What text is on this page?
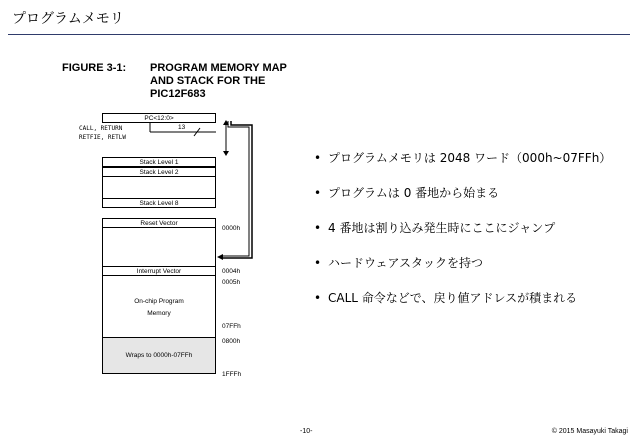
プログラムメモリ
FIGURE 3-1: PROGRAM MEMORY MAP
AND STACK FOR THE
PIC12F683
PC<12:0>
CALL, RETURN
RETFIE, RETLW
13
Stack Level 1
Stack Level 2
Stack Level 8
Reset Vector
Interrupt Vector
On-chip Program
Memory
Wraps to 0000h-07FFh
0000h
0004h
0005h
07FFh
0800h
1FFFh
• プログラムメモリは 2048 ワード（000h~07FFh）
• プログラムは 0 番地から始まる
• 4 番地は割り込み発生時にここにジャンプ
• ハードウェアスタックを持つ
• CALL 命令などで、戻り値アドレスが積まれる
-10-	© 2015 Masayuki Takagi
